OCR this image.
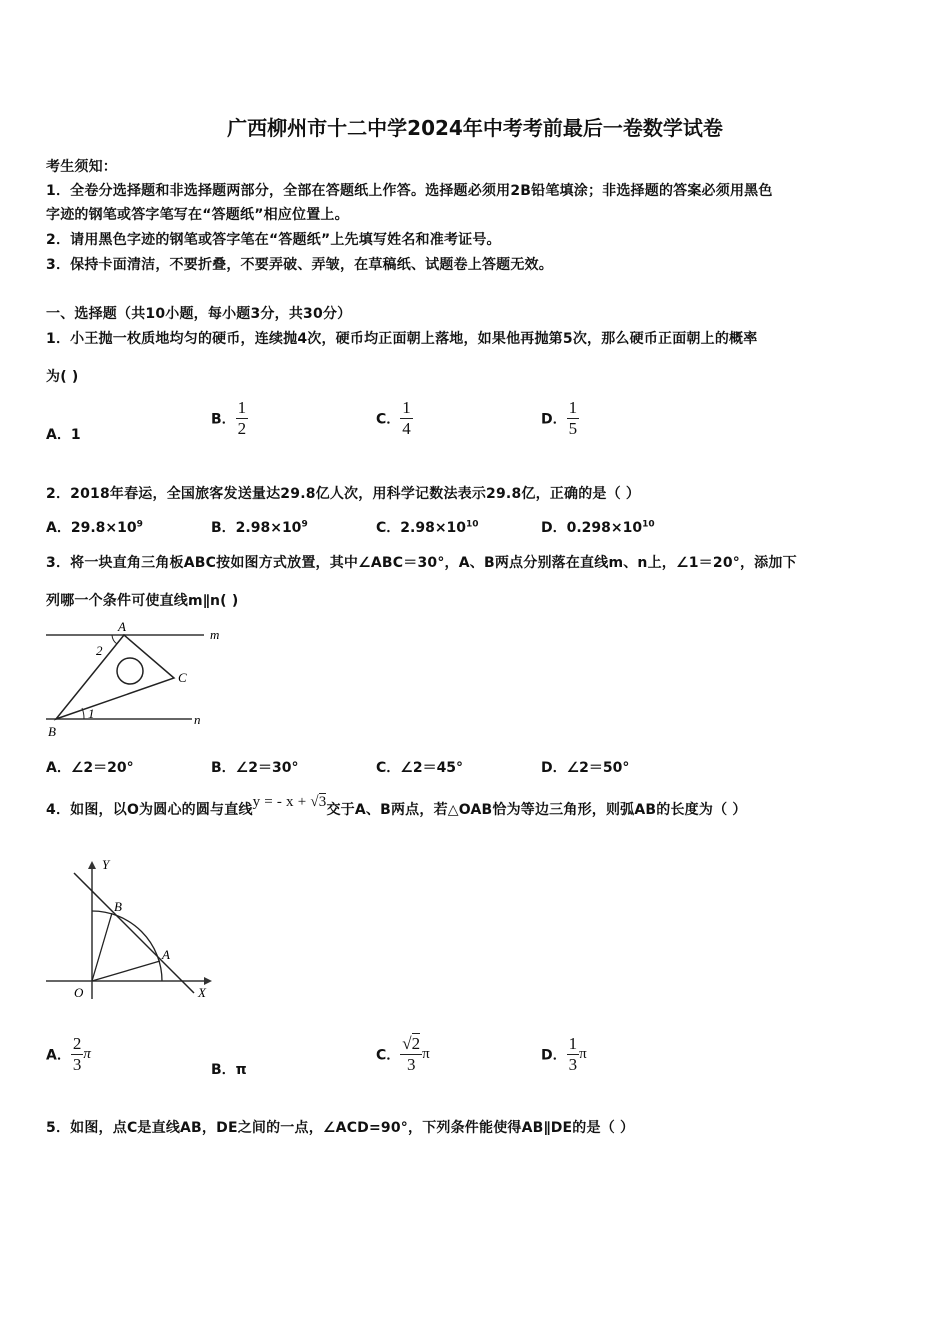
广西柳州市十二中学2024年中考考前最后一卷数学试卷
考生须知：
1．全卷分选择题和非选择题两部分，全部在答题纸上作答。选择题必须用2B铅笔填涂；非选择题的答案必须用黑色
字迹的钢笔或答字笔写在“答题纸”相应位置上。
2．请用黑色字迹的钢笔或答字笔在“答题纸”上先填写姓名和准考证号。
3．保持卡面清洁，不要折叠，不要弄破、弄皱，在草稿纸、试题卷上答题无效。
一、选择题（共10小题，每小题3分，共30分）
1．小王抛一枚质地均匀的硬币，连续抛4次，硬币均正面朝上落地，如果他再抛第5次，那么硬币正面朝上的概率
为( )
A．1
B． $\frac{1}{2}$	C． $\frac{1}{4}$	D． $\frac{1}{5}$
2．2018年春运，全国旅客发送量达29.8亿人次，用科学记数法表示29.8亿，正确的是（ ）
A．$29.8\times 10^9$	B．$2.98\times 10^9$	C．$2.98\times 10^{10}$	D．$0.298\times 10^{10}$
3．将一块直角三角板ABC按如图方式放置，其中∠ABC＝30°，A、B两点分别落在直线m、n上，∠1＝20°，添加下
列哪一个条件可使直线m∥n( )
A
B
C
m
n
1
2
A．∠2＝20°	B．∠2＝30°	C．∠2＝45°	D．∠2＝50°
4．如图，以O为圆心的圆与直线y = - x + √3交于A、B两点，若△OAB恰为等边三角形，则弧AB的长度为（ ）
Y
X
O
A
B
A． $\frac{2}{3}$ π
B．π
C． $\frac{√2}{3}$ π	D． $\frac{1}{3}$ π
5．如图，点C是直线AB，DE之间的一点，∠ACD=90°，下列条件能使得AB∥DE的是（ ）
